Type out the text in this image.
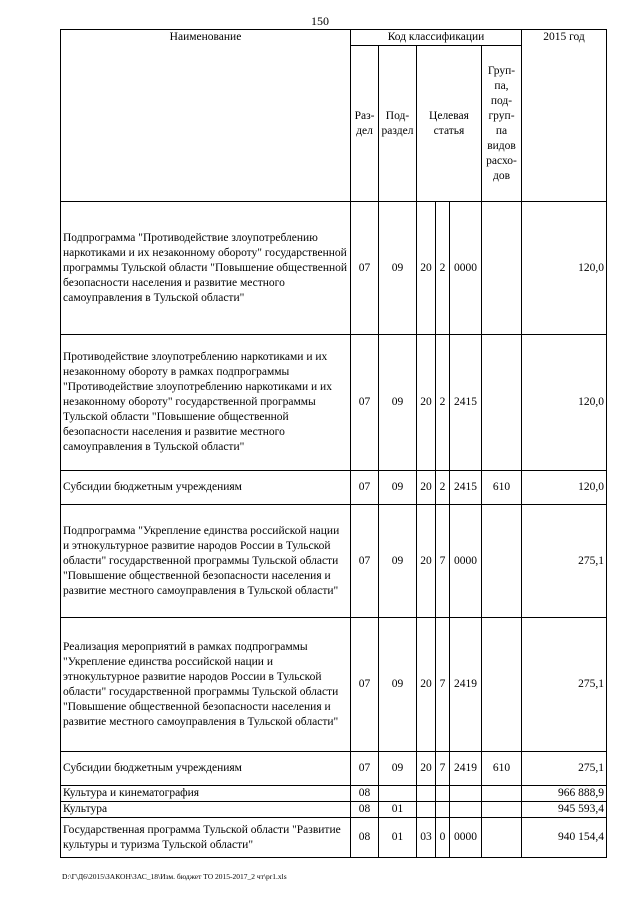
150
Наименование	Код классификации						2015 год
	Раз- дел	Под- раздел	Целевая статья			Груп- па, под- груп- па видов расхо- дов	
Подпрограмма "Противодействие злоупотреблению наркотиками и их незаконному обороту" государственной программы Тульской области "Повышение общественной безопасности населения и развитие местного самоуправления в Тульской области"	07	09	20	2	0000		120,0
Противодействие злоупотреблению наркотиками и их незаконному обороту в рамках подпрограммы "Противодействие злоупотреблению наркотиками и их незаконному обороту" государственной программы Тульской области "Повышение общественной безопасности населения и развитие местного самоуправления в Тульской области"	07	09	20	2	2415		120,0
Субсидии бюджетным учреждениям	07	09	20	2	2415	610	120,0
Подпрограмма "Укрепление единства российской нации и этнокультурное развитие народов России в Тульской области" государственной программы Тульской области "Повышение общественной безопасности населения и развитие местного самоуправления в Тульской области"	07	09	20	7	0000		275,1
Реализация мероприятий в рамках подпрограммы "Укрепление единства российской нации и этнокультурное развитие народов России в Тульской области" государственной программы Тульской области "Повышение общественной безопасности населения и развитие местного самоуправления в Тульской области"	07	09	20	7	2419		275,1
Субсидии бюджетным учреждениям	07	09	20	7	2419	610	275,1
Культура и кинематография	08						966 888,9
Культура	08	01					945 593,4
Государственная программа Тульской области "Развитие культуры и туризма Тульской области"	08	01	03	0	0000		940 154,4
D:\Г\Д6\2015\ЗАКОН\ЗАС_18\Изм. бюджет ТО 2015-2017_2 чт\pr1.xls
